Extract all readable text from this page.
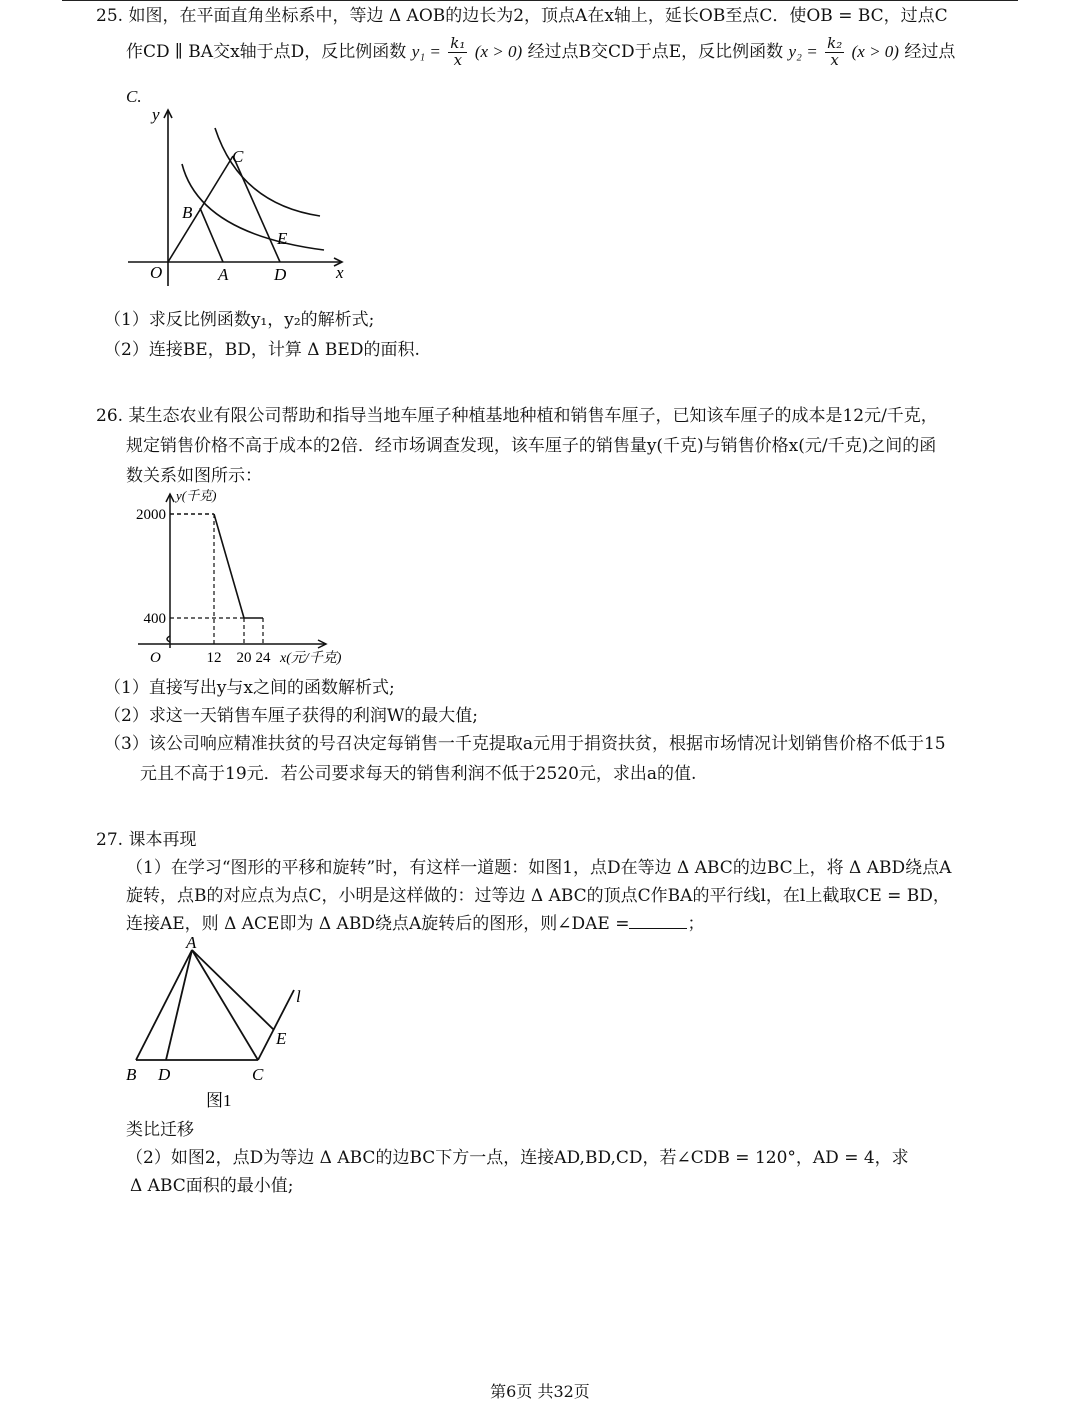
25. 如图，在平面直角坐标系中，等边 Δ AOB的边长为2，顶点A在x轴上，延长OB至点C．使OB = BC，过点C
作CD ∥ BA交x轴于点D，反比例函数 $y_1 = \frac{\text{k₁}}{x} (x > 0)$ 经过点B交CD于点E，反比例函数 $y_2 = \frac{\text{k₂}}{x} (x > 0)$ 经过点
C.
y
x
O	A	D
B
C
E
（1）求反比例函数y₁，y₂的解析式;
（2）连接BE，BD，计算 Δ BED的面积.
26. 某生态农业有限公司帮助和指导当地车厘子种植基地种植和销售车厘子，已知该车厘子的成本是12元/千克，
规定销售价格不高于成本的2倍．经市场调查发现，该车厘子的销售量y(千克)与销售价格x(元/千克)之间的函
数关系如图所示：
2000
400
12 20 24
O
y(千克)
x(元/千克)
（1）直接写出y与x之间的函数解析式;
（2）求这一天销售车厘子获得的利润W的最大值;
（3）该公司响应精准扶贫的号召决定每销售一千克提取a元用于捐资扶贫，根据市场情况计划销售价格不低于15
元且不高于19元．若公司要求每天的销售利润不低于2520元，求出a的值.
27. 课本再现
（1）在学习“图形的平移和旋转”时，有这样一道题：如图1，点D在等边 Δ ABC的边BC上，将 Δ ABD绕点A
旋转，点B的对应点为点C，小明是这样做的：过等边 Δ ABC的顶点C作BA的平行线l，在l上截取CE = BD，
连接AE，则 Δ ACE即为 Δ ABD绕点A旋转后的图形，则∠DAE =	；
A
B D	C
E
l
图1
类比迁移
（2）如图2，点D为等边 Δ ABC的边BC下方一点，连接AD,BD,CD，若∠CDB = 120°，AD = 4，求
Δ ABC面积的最小值;
第6页 共32页
